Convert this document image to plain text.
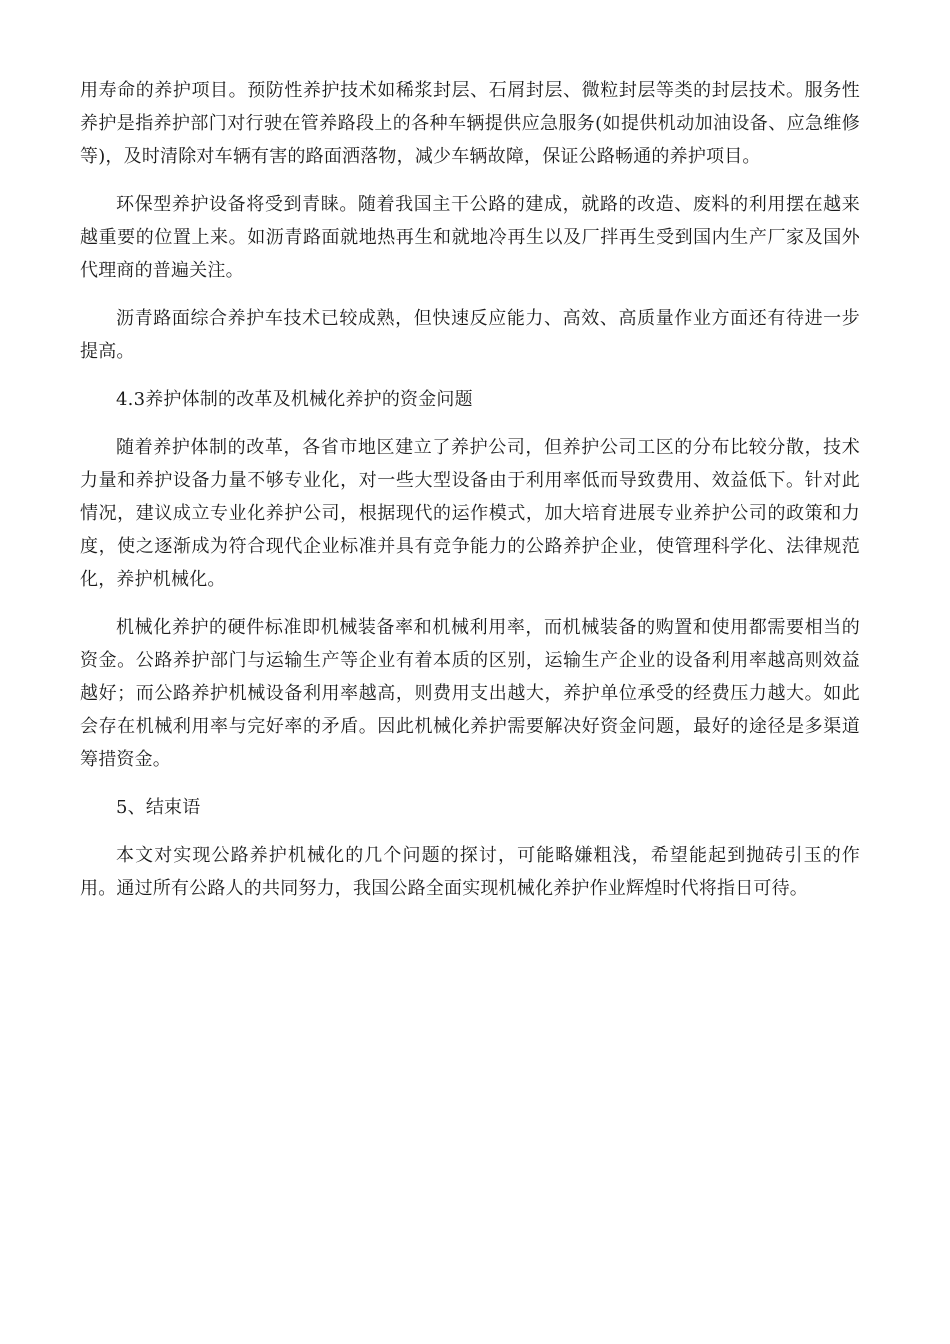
用寿命的养护项目。预防性养护技术如稀浆封层、石屑封层、微粒封层等类的封层技术。服务性养护是指养护部门对行驶在管养路段上的各种车辆提供应急服务(如提供机动加油设备、应急维修等)，及时清除对车辆有害的路面洒落物，减少车辆故障，保证公路畅通的养护项目。

环保型养护设备将受到青睐。随着我国主干公路的建成，就路的改造、废料的利用摆在越来越重要的位置上来。如沥青路面就地热再生和就地冷再生以及厂拌再生受到国内生产厂家及国外代理商的普遍关注。

沥青路面综合养护车技术已较成熟，但快速反应能力、高效、高质量作业方面还有待进一步提高。

4.3养护体制的改革及机械化养护的资金问题

随着养护体制的改革，各省市地区建立了养护公司，但养护公司工区的分布比较分散，技术力量和养护设备力量不够专业化，对一些大型设备由于利用率低而导致费用、效益低下。针对此情况，建议成立专业化养护公司，根据现代的运作模式，加大培育进展专业养护公司的政策和力度，使之逐渐成为符合现代企业标准并具有竞争能力的公路养护企业，使管理科学化、法律规范化，养护机械化。

机械化养护的硬件标准即机械装备率和机械利用率，而机械装备的购置和使用都需要相当的资金。公路养护部门与运输生产等企业有着本质的区别，运输生产企业的设备利用率越高则效益越好；而公路养护机械设备利用率越高，则费用支出越大，养护单位承受的经费压力越大。如此会存在机械利用率与完好率的矛盾。因此机械化养护需要解决好资金问题，最好的途径是多渠道筹措资金。

5、结束语

本文对实现公路养护机械化的几个问题的探讨，可能略嫌粗浅，希望能起到抛砖引玉的作用。通过所有公路人的共同努力，我国公路全面实现机械化养护作业辉煌时代将指日可待。
